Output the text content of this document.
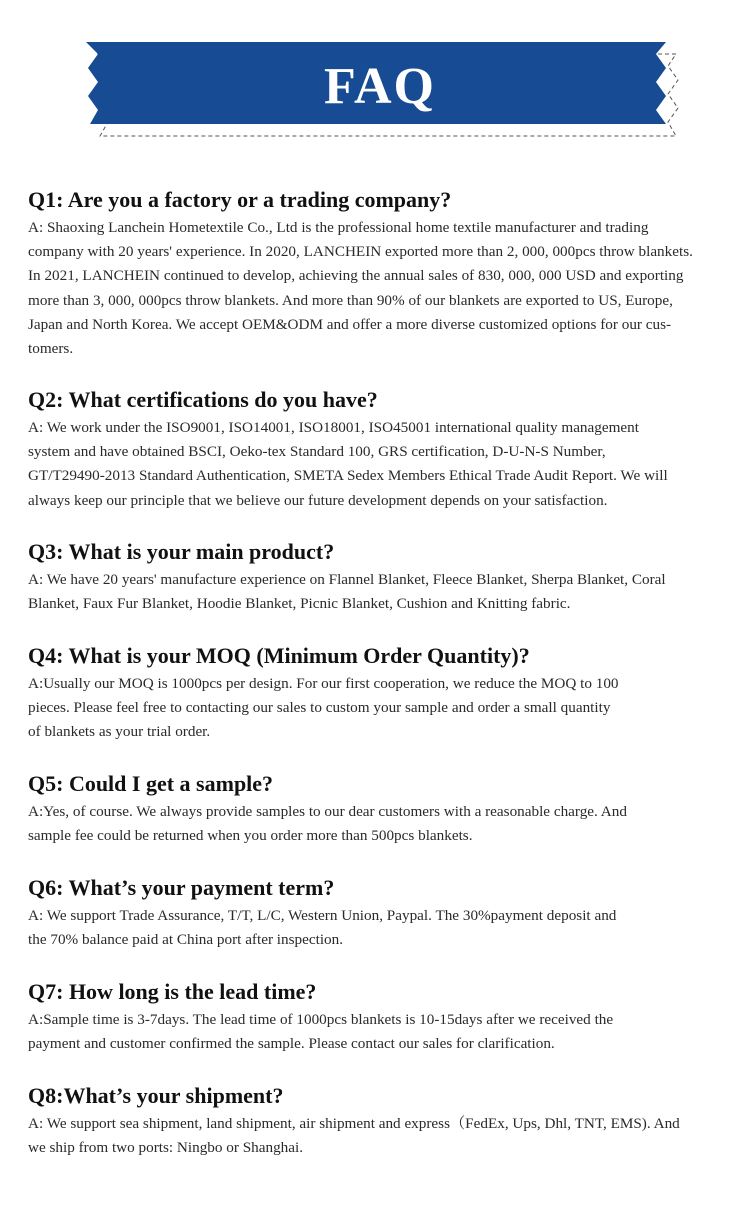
FAQ
Q1: Are you a factory or a trading company?
A: Shaoxing Lanchein Hometextile Co., Ltd is the professional home textile manufacturer and trading
company with 20 years' experience. In 2020, LANCHEIN exported more than 2, 000, 000pcs throw blankets.
In 2021, LANCHEIN continued to develop, achieving the annual sales of 830, 000, 000 USD and exporting
more than 3, 000, 000pcs throw blankets. And more than 90% of our blankets are exported to US, Europe,
Japan and North Korea. We accept OEM&ODM and offer a more diverse customized options for our cus-
tomers.
Q2: What certifications do you have?
A: We work under the ISO9001, ISO14001, ISO18001, ISO45001 international quality management
system and have obtained BSCI, Oeko-tex Standard 100, GRS certification, D-U-N-S Number,
GT/T29490-2013 Standard Authentication, SMETA Sedex Members Ethical Trade Audit Report. We will
always keep our principle that we believe our future development depends on your satisfaction.
Q3: What is your main product?
A: We have 20 years' manufacture experience on Flannel Blanket, Fleece Blanket, Sherpa Blanket, Coral
Blanket, Faux Fur Blanket, Hoodie Blanket, Picnic Blanket, Cushion and Knitting fabric.
Q4: What is your MOQ (Minimum Order Quantity)?
A:Usually our MOQ is 1000pcs per design. For our first cooperation, we reduce the MOQ to 100
pieces. Please feel free to contacting our sales to custom your sample and order a small quantity
of blankets as your trial order.
Q5: Could I get a sample?
A:Yes, of course. We always provide samples to our dear customers with a reasonable charge. And
sample fee could be returned when you order more than 500pcs blankets.
Q6: What’s your payment term?
A: We support Trade Assurance, T/T, L/C, Western Union, Paypal. The 30%payment deposit and
the 70% balance paid at China port after inspection.
Q7: How long is the lead time?
A:Sample time is 3-7days. The lead time of 1000pcs blankets is 10-15days after we received the
payment and customer confirmed the sample. Please contact our sales for clarification.
Q8:What’s your shipment?
A: We support sea shipment, land shipment, air shipment and express（FedEx, Ups, Dhl, TNT, EMS). And
we ship from two ports: Ningbo or Shanghai.
